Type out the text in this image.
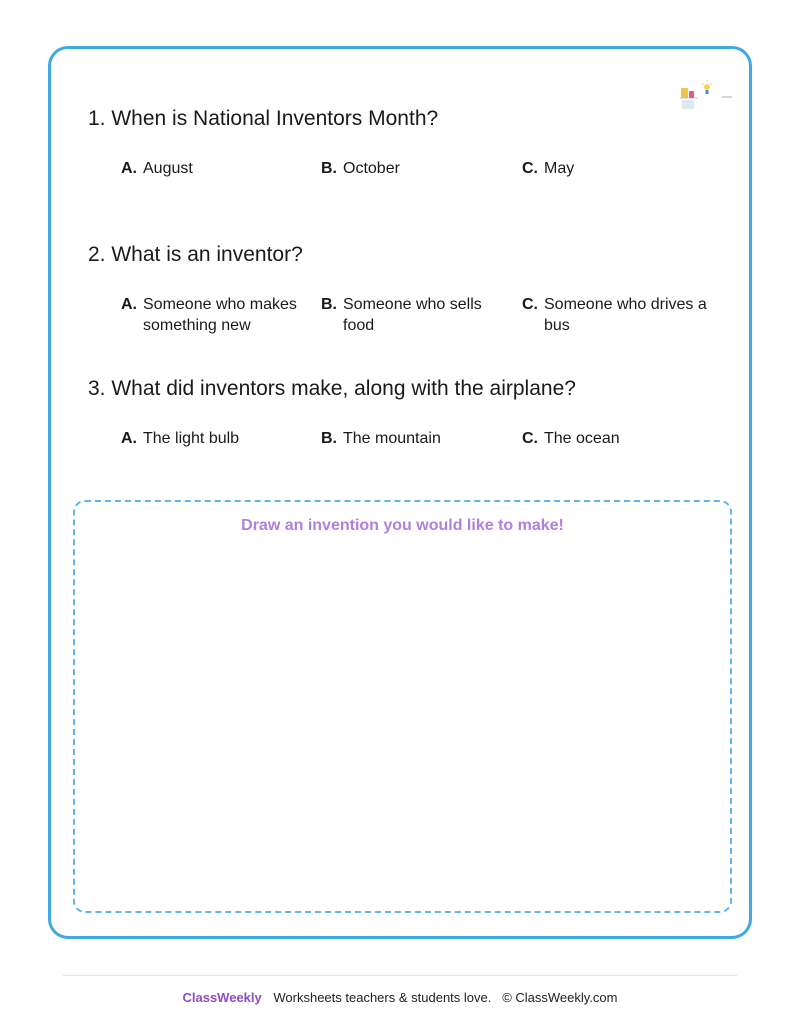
1. When is National Inventors Month?
A. August	B. October	C. May
2. What is an inventor?
A. Someone who makes something new
B. Someone who sells food
C. Someone who drives a bus
3. What did inventors make, along with the airplane?
A. The light bulb	B. The mountain	C. The ocean
Draw an invention you would like to make!
ClassWeekly Worksheets teachers & students love. © ClassWeekly.com
